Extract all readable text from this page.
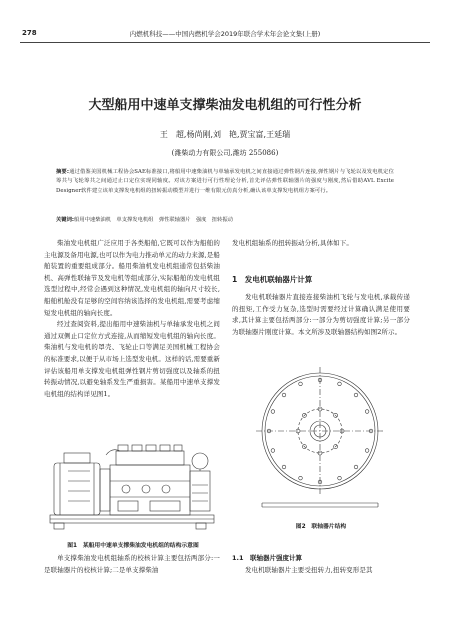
278	内燃机科技——中国内燃机学会2019年联合学术年会论文集(上册)
大型船用中速单支撑柴油发电机组的可行性分析
王　超,杨尚刚,刘　艳,贾宝富,王延瑞
(潍柴动力有限公司,潍坊 255086)
摘要:通过借鉴美国机械工程协会SAE标准接口,将船用中速柴油机与单轴承发电机之间直接通过弹性钢片连接,弹性钢片与飞轮以及发电机定位筹共与飞轮筹共之间通过止口定位实现同轴度。对该方案进行可行性理论分析,首先评估弹性联轴器片的强度与刚度,然后借助AVL Excite Designer软件建立该单支撑发电机组的扭转振动模型并进行一维有限元仿真分析,确认该单支撑发电机组方案可行。
关键词:船用中速柴油机　单支撑发电机组　弹性联轴器片　强度　扭转振动

柴油发电机组广泛应用于各类船舶,它既可以作为船舶的主电源及备用电源,也可以作为电力推动单元的动力来源,是船舶装置的重要组成部分。船用柴油机发电机组通常包括柴油机、高弹性联轴节及发电机等组成部分,实际船舶的发电机组选型过程中,经常会遇到这种情况,发电机组的轴向尺寸较长,船舶机舱没有足够的空间容纳该选择的发电机组,需要考虑缩短发电机组的轴向长度。

经过查阅资料,提出船用中速柴油机与单轴承发电机之间通过双侧止口定位方式连接,从而缩短发电机组的轴向长度。柴油机与发电机的罩壳、飞轮止口等满足美国机械工程协会的标准要求,以便于从市场上选型发电机。这样的话,需要重新评估该船用单支撑发电机组弹性钢片剪切强度以及轴系的扭转振动情况,以避免轴系发生严重损害。某船用中速单支撑发电机组的结构详见图1。

图1　某船用中速单支撑柴油发电机组的结构示意图

单支撑柴油发电机组轴系的校核计算主要包括两部分:一是联轴器片的校核计算;二是单支撑柴油

发电机组轴系的扭转振动分析,具体如下。

1　发电机联轴器片计算

发电机联轴器片直接连接柴油机飞轮与发电机,承载传递的扭矩,工作受力复杂,选型时需要经过计算确认满足使用要求,其计算主要包括两部分:一部分为剪切强度计算;另一部分为联轴器片刚度计算。本文所涉及联轴器结构如图2所示。

图2　联轴器片结构
1.1　联轴器片强度计算

发电机联轴器片主要受扭转力,扭转变形是其
